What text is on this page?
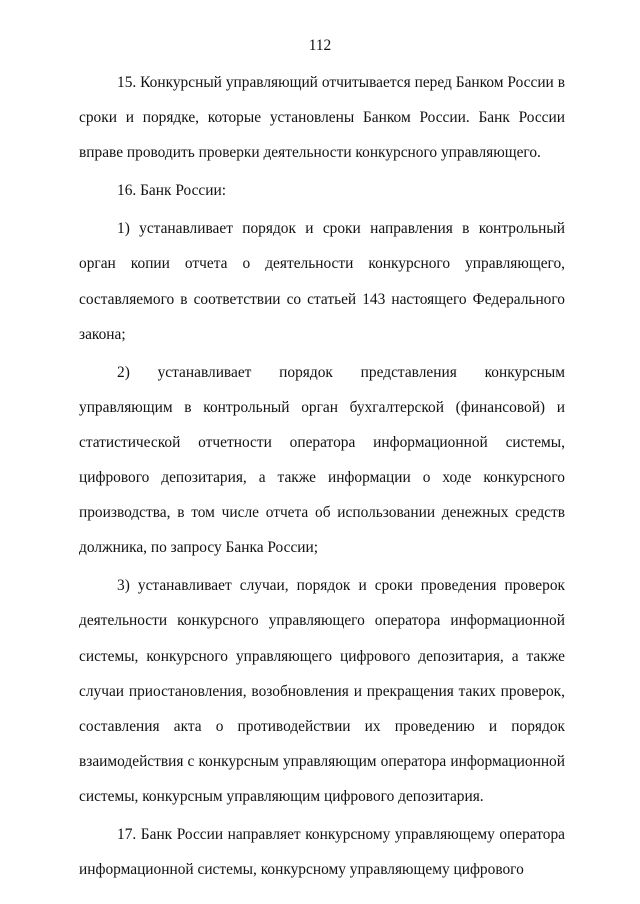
112

15. Конкурсный управляющий отчитывается перед Банком России в сроки и порядке, которые установлены Банком России. Банк России вправе проводить проверки деятельности конкурсного управляющего.

16. Банк России:

1) устанавливает порядок и сроки направления в контрольный орган копии отчета о деятельности конкурсного управляющего, составляемого в соответствии со статьей 143 настоящего Федерального закона;

2) устанавливает порядок представления конкурсным управляющим в контрольный орган бухгалтерской (финансовой) и статистической отчетности оператора информационной системы, цифрового депозитария, а также информации о ходе конкурсного производства, в том числе отчета об использовании денежных средств должника, по запросу Банка России;

3) устанавливает случаи, порядок и сроки проведения проверок деятельности конкурсного управляющего оператора информационной системы, конкурсного управляющего цифрового депозитария, а также случаи приостановления, возобновления и прекращения таких проверок, составления акта о противодействии их проведению и порядок взаимодействия с конкурсным управляющим оператора информационной системы, конкурсным управляющим цифрового депозитария.

17. Банк России направляет конкурсному управляющему оператора информационной системы, конкурсному управляющему цифрового
